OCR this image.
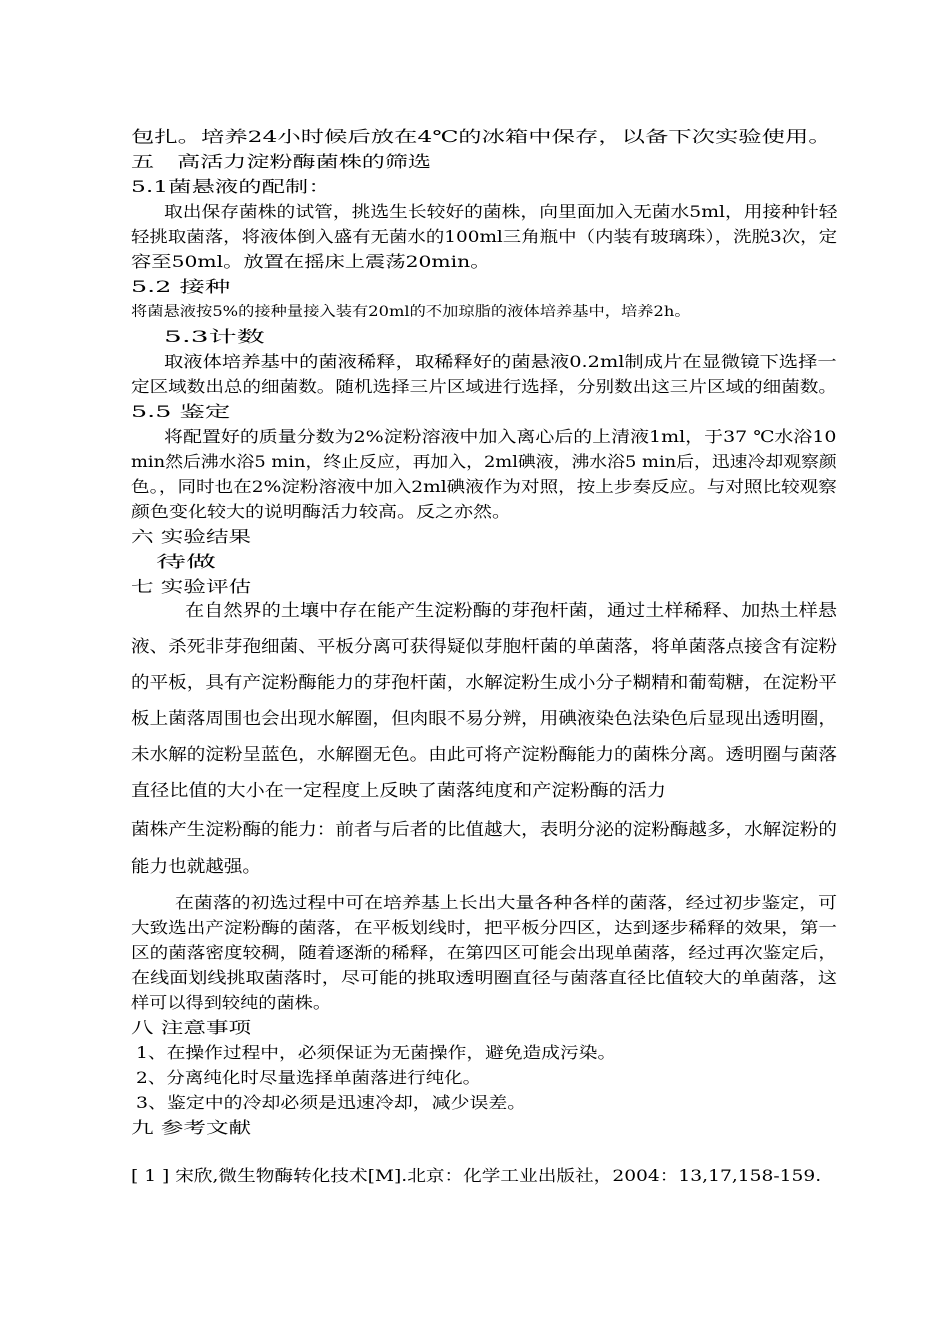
包扎。培养24小时候后放在4℃的冰箱中保存，以备下次实验使用。
五　高活力淀粉酶菌株的筛选
5.1菌悬液的配制：
取出保存菌株的试管，挑选生长较好的菌株，向里面加入无菌水5ml，用接种针轻
轻挑取菌落，将液体倒入盛有无菌水的100ml三角瓶中（内装有玻璃珠），洗脱3次，定
容至50ml。放置在摇床上震荡20min。
5.2 接种
将菌悬液按5%的接种量接入装有20ml的不加琼脂的液体培养基中，培养2h。
5.3计数
取液体培养基中的菌液稀释，取稀释好的菌悬液0.2ml制成片在显微镜下选择一
定区域数出总的细菌数。随机选择三片区域进行选择，分别数出这三片区域的细菌数。
5.5 鉴定
将配置好的质量分数为2%淀粉溶液中加入离心后的上清液1ml，于37 ℃水浴10
min然后沸水浴5 min，终止反应，再加入，2ml碘液，沸水浴5 min后，迅速冷却观察颜
色。，同时也在2%淀粉溶液中加入2ml碘液作为对照，按上步奏反应。与对照比较观察
颜色变化较大的说明酶活力较高。反之亦然。
六 实验结果
待做
七 实验评估
在自然界的土壤中存在能产生淀粉酶的芽孢杆菌，通过土样稀释、加热土样悬
液、杀死非芽孢细菌、平板分离可获得疑似芽胞杆菌的单菌落，将单菌落点接含有淀粉
的平板，具有产淀粉酶能力的芽孢杆菌，水解淀粉生成小分子糊精和葡萄糖，在淀粉平
板上菌落周围也会出现水解圈，但肉眼不易分辨，用碘液染色法染色后显现出透明圈，
未水解的淀粉呈蓝色，水解圈无色。由此可将产淀粉酶能力的菌株分离。透明圈与菌落
直径比值的大小在一定程度上反映了菌落纯度和产淀粉酶的活力
菌株产生淀粉酶的能力：前者与后者的比值越大，表明分泌的淀粉酶越多，水解淀粉的
能力也就越强。
在菌落的初选过程中可在培养基上长出大量各种各样的菌落，经过初步鉴定，可
大致选出产淀粉酶的菌落，在平板划线时，把平板分四区，达到逐步稀释的效果，第一
区的菌落密度较稠，随着逐渐的稀释，在第四区可能会出现单菌落，经过再次鉴定后，
在线面划线挑取菌落时，尽可能的挑取透明圈直径与菌落直径比值较大的单菌落，这
样可以得到较纯的菌株。
八 注意事项
1、在操作过程中，必须保证为无菌操作，避免造成污染。
2、分离纯化时尽量选择单菌落进行纯化。
3、鉴定中的冷却必须是迅速冷却，减少误差。
九 参考文献
[ 1 ] 宋欣,微生物酶转化技术[M].北京：化学工业出版社，2004：13,17,158-159.
